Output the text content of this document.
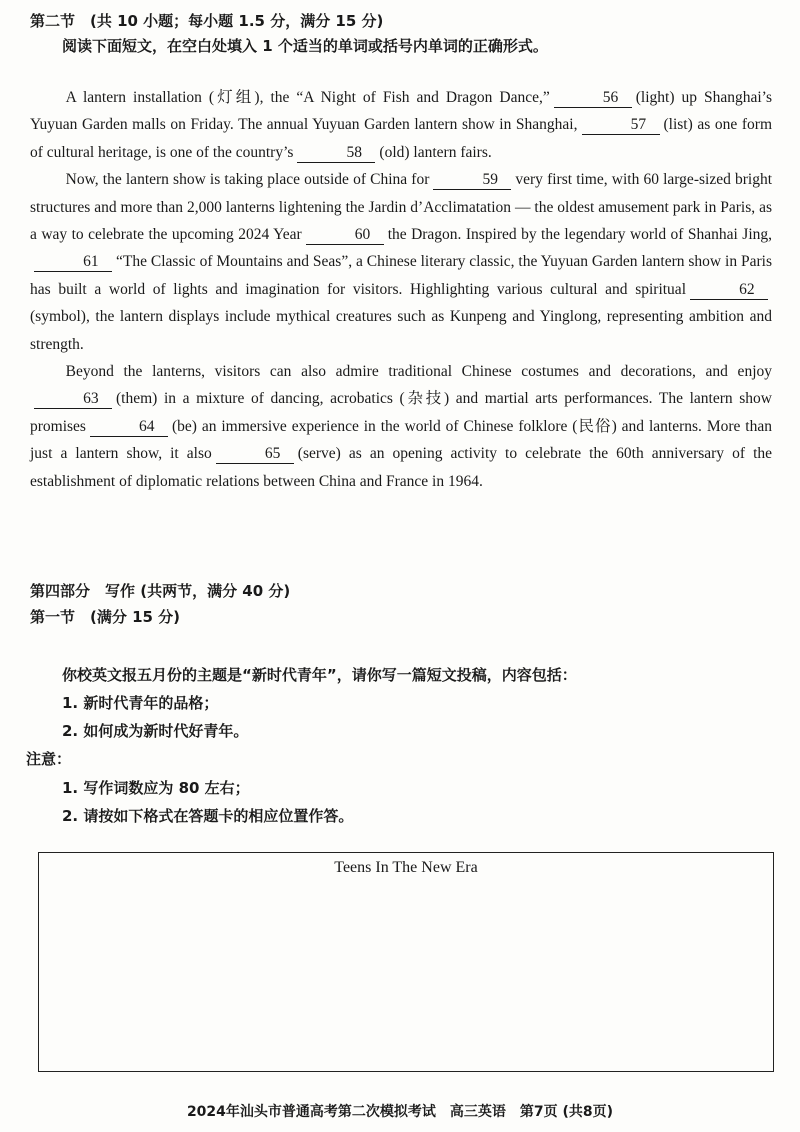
第二节　(共 10 小题；每小题 1.5 分，满分 15 分)
阅读下面短文，在空白处填入 1 个适当的单词或括号内单词的正确形式。

A lantern installation (灯组), the “A Night of Fish and Dragon Dance,”	56 (light) up Shanghai’s Yuyuan Garden malls on Friday. The annual Yuyuan Garden lantern show in Shanghai,	57 (list) as one form of cultural heritage, is one of the country’s	58 (old) lantern fairs.

Now, the lantern show is taking place outside of China for	59 very first time, with 60 large-sized bright structures and more than 2,000 lanterns lightening the Jardin d’Acclimatation — the oldest amusement park in Paris, as a way to celebrate the upcoming 2024 Year	60 the Dragon. Inspired by the legendary world of Shanhai Jing,61 “The Classic of Mountains and Seas”, a Chinese literary classic, the Yuyuan Garden lantern show in Paris has built a world of lights and imagination for visitors. Highlighting various cultural and spiritual	62(symbol), the lantern displays include mythical creatures such as Kunpeng and Yinglong, representing ambition and strength.

Beyond the lanterns, visitors can also admire traditional Chinese costumes and decorations, and enjoy63 (them) in a mixture of dancing, acrobatics (杂技) and martial arts performances. The lantern show promises	64 (be) an immersive experience in the world of Chinese folklore (民俗) and lanterns. More than just a lantern show, it also	65 (serve) as an opening activity to celebrate the 60th anniversary of the establishment of diplomatic relations between China and France in 1964.

第四部分　写作 (共两节，满分 40 分)
第一节　(满分 15 分)
你校英文报五月份的主题是“新时代青年”，请你写一篇短文投稿，内容包括：
1. 新时代青年的品格；
2. 如何成为新时代好青年。
注意：
1. 写作词数应为 80 左右；
2. 请按如下格式在答题卡的相应位置作答。
Teens In The New Era
2024年汕头市普通高考第二次模拟考试　高三英语　第7页 (共8页)
